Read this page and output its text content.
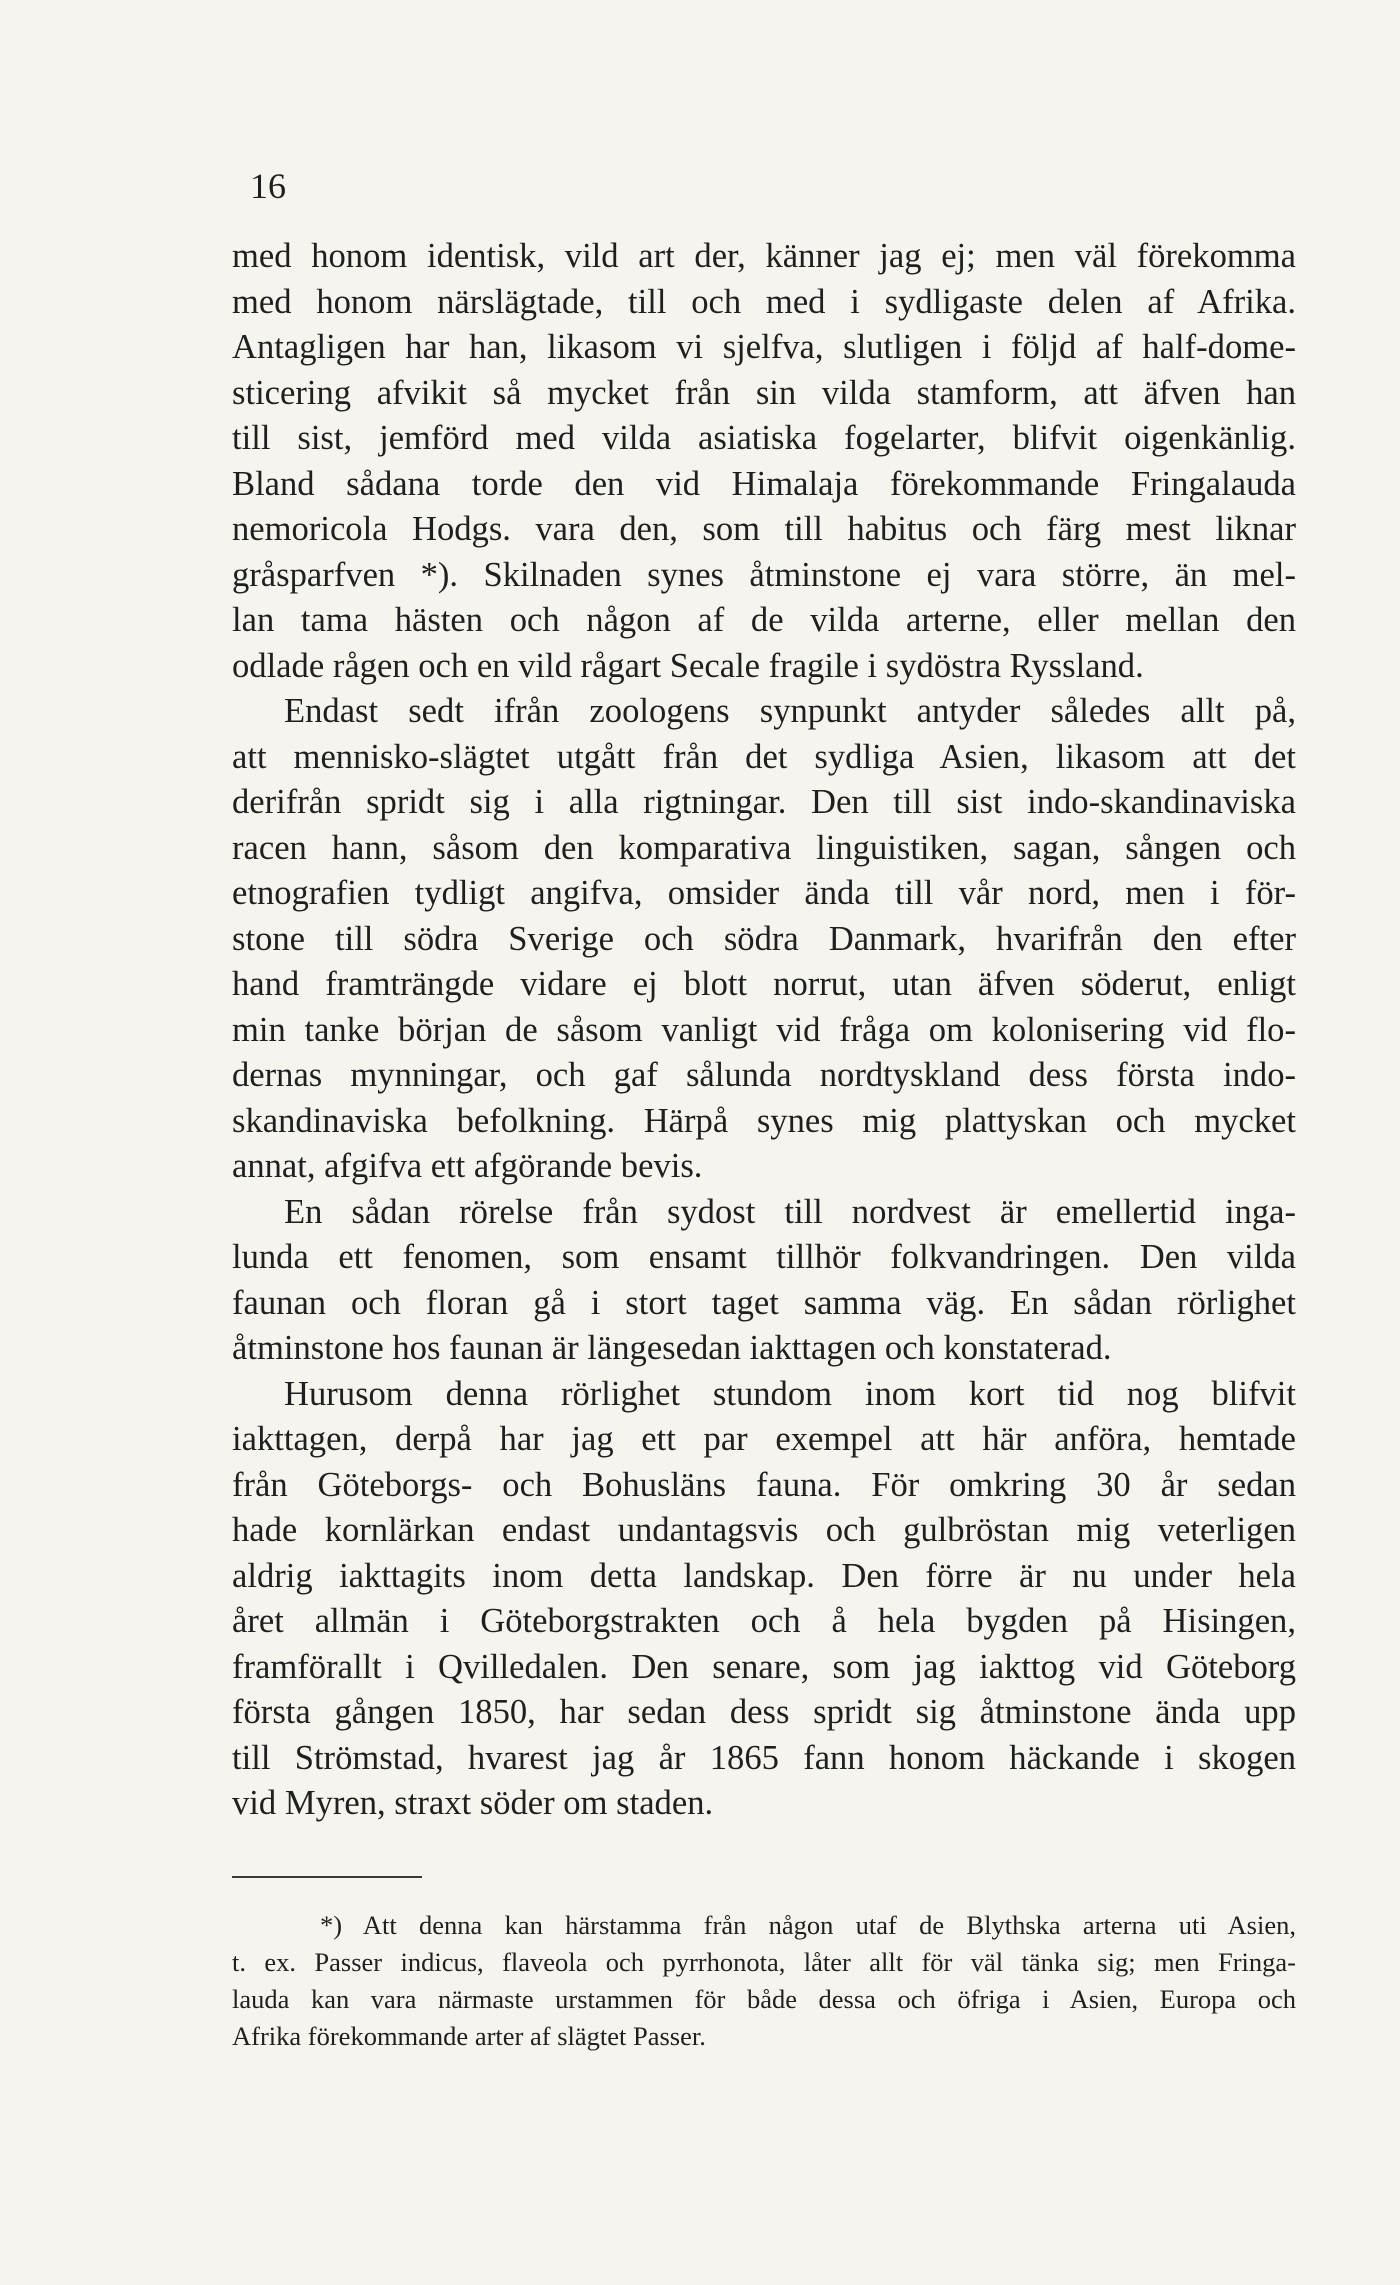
16
med honom identisk, vild art der, känner jag ej; men väl förekomma
med honom närslägtade, till och med i sydligaste delen af Afrika.
Antagligen har han, likasom vi sjelfva, slutligen i följd af half-dome-
sticering afvikit så mycket från sin vilda stamform, att äfven han
till sist, jemförd med vilda asiatiska fogelarter, blifvit oigenkänlig.
Bland sådana torde den vid Himalaja förekommande Fringalauda
nemoricola Hodgs. vara den, som till habitus och färg mest liknar
gråsparfven *). Skilnaden synes åtminstone ej vara större, än mel-
lan tama hästen och någon af de vilda arterne, eller mellan den
odlade rågen och en vild rågart Secale fragile i sydöstra Ryssland.
Endast sedt ifrån zoologens synpunkt antyder således allt på,
att mennisko-slägtet utgått från det sydliga Asien, likasom att det
derifrån spridt sig i alla rigtningar. Den till sist indo-skandinaviska
racen hann, såsom den komparativa linguistiken, sagan, sången och
etnografien tydligt angifva, omsider ända till vår nord, men i för-
stone till södra Sverige och södra Danmark, hvarifrån den efter
hand framträngde vidare ej blott norrut, utan äfven söderut, enligt
min tanke början de såsom vanligt vid fråga om kolonisering vid flo-
dernas mynningar, och gaf sålunda nordtyskland dess första indo-
skandinaviska befolkning. Härpå synes mig plattyskan och mycket
annat, afgifva ett afgörande bevis.
En sådan rörelse från sydost till nordvest är emellertid inga-
lunda ett fenomen, som ensamt tillhör folkvandringen. Den vilda
faunan och floran gå i stort taget samma väg. En sådan rörlighet
åtminstone hos faunan är längesedan iakttagen och konstaterad.
Hurusom denna rörlighet stundom inom kort tid nog blifvit
iakttagen, derpå har jag ett par exempel att här anföra, hemtade
från Göteborgs- och Bohusläns fauna. För omkring 30 år sedan
hade kornlärkan endast undantagsvis och gulbröstan mig veterligen
aldrig iakttagits inom detta landskap. Den förre är nu under hela
året allmän i Göteborgstrakten och å hela bygden på Hisingen,
framförallt i Qvilledalen. Den senare, som jag iakttog vid Göteborg
första gången 1850, har sedan dess spridt sig åtminstone ända upp
till Strömstad, hvarest jag år 1865 fann honom häckande i skogen
vid Myren, straxt söder om staden.
*) Att denna kan härstamma från någon utaf de Blythska arterna uti Asien,
t. ex. Passer indicus, flaveola och pyrrhonota, låter allt för väl tänka sig; men Fringa-
lauda kan vara närmaste urstammen för både dessa och öfriga i Asien, Europa och
Afrika förekommande arter af slägtet Passer.
